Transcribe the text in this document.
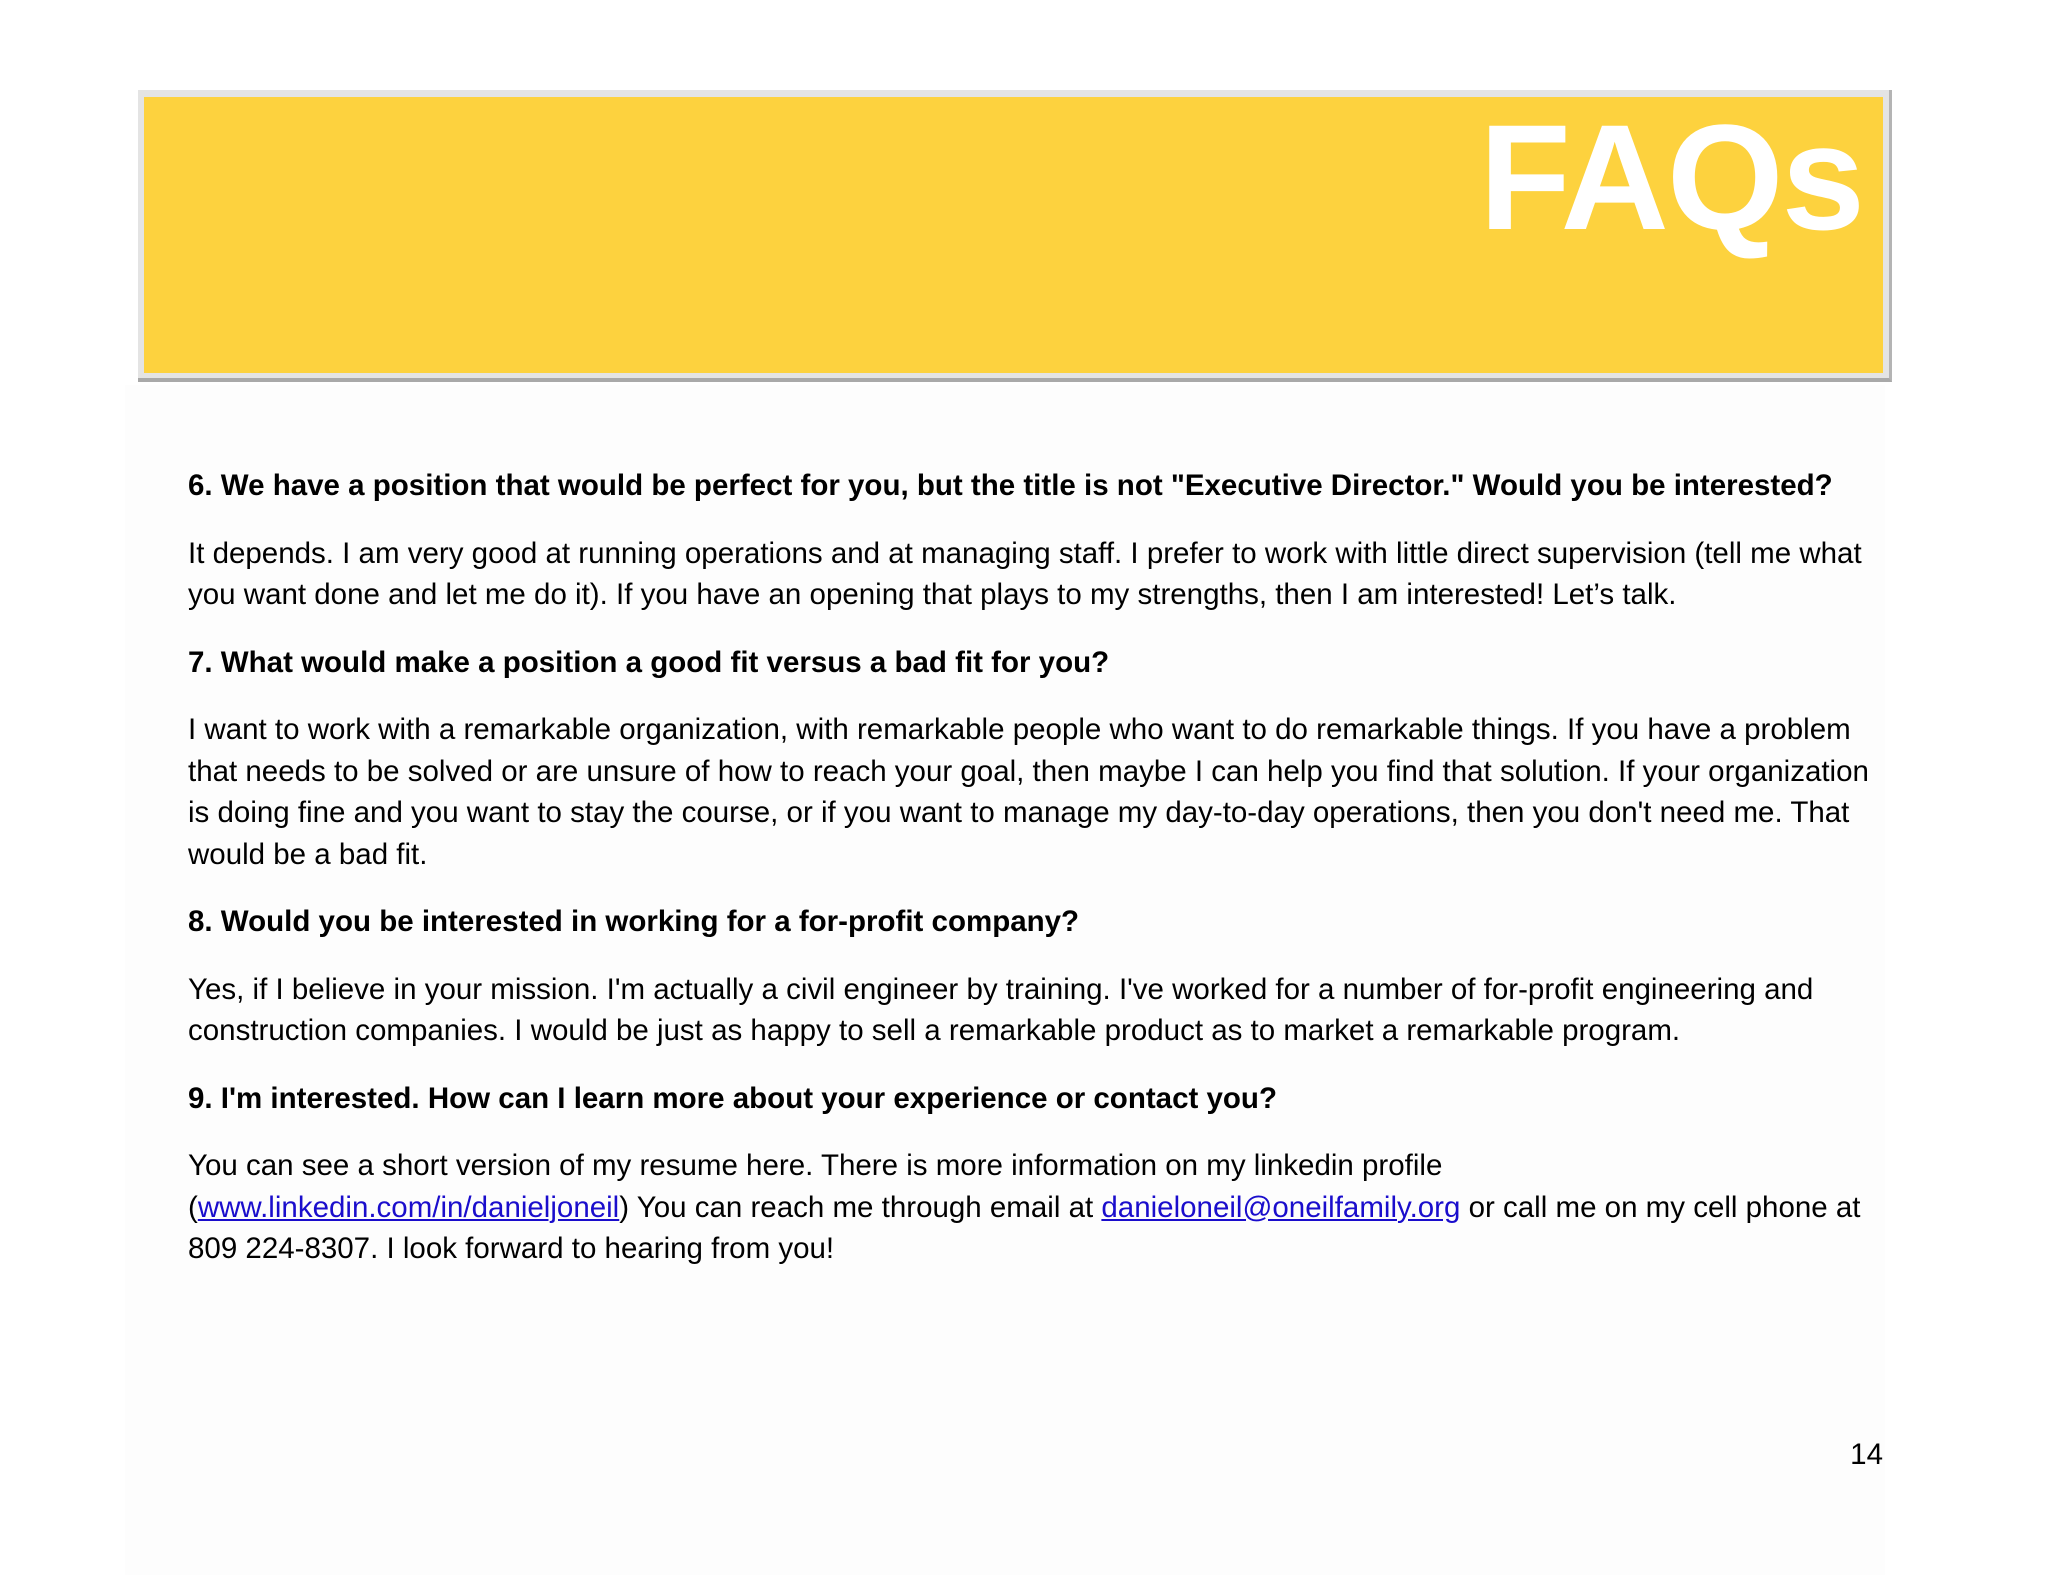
FAQs

6. We have a position that would be perfect for you, but the title is not "Executive Director." Would you be interested?

It depends. I am very good at running operations and at managing staff. I prefer to work with little direct supervision (tell me what you want done and let me do it). If you have an opening that plays to my strengths, then I am interested! Let’s talk.

7. What would make a position a good fit versus a bad fit for you?

I want to work with a remarkable organization, with remarkable people who want to do remarkable things. If you have a problem that needs to be solved or are unsure of how to reach your goal, then maybe I can help you find that solution. If your organization is doing fine and you want to stay the course, or if you want to manage my day-to-day operations, then you don't need me. That would be a bad fit.

8. Would you be interested in working for a for-profit company?

Yes, if I believe in your mission. I'm actually a civil engineer by training. I've worked for a number of for-profit engineering and construction companies. I would be just as happy to sell a remarkable product as to market a remarkable program.

9. I'm interested. How can I learn more about your experience or contact you?

You can see a short version of my resume here. There is more information on my linkedin profile (www.linkedin.com/in/danieljoneil) You can reach me through email at danieloneil@oneilfamily.org or call me on my cell phone at 809 224-8307. I look forward to hearing from you!

14
